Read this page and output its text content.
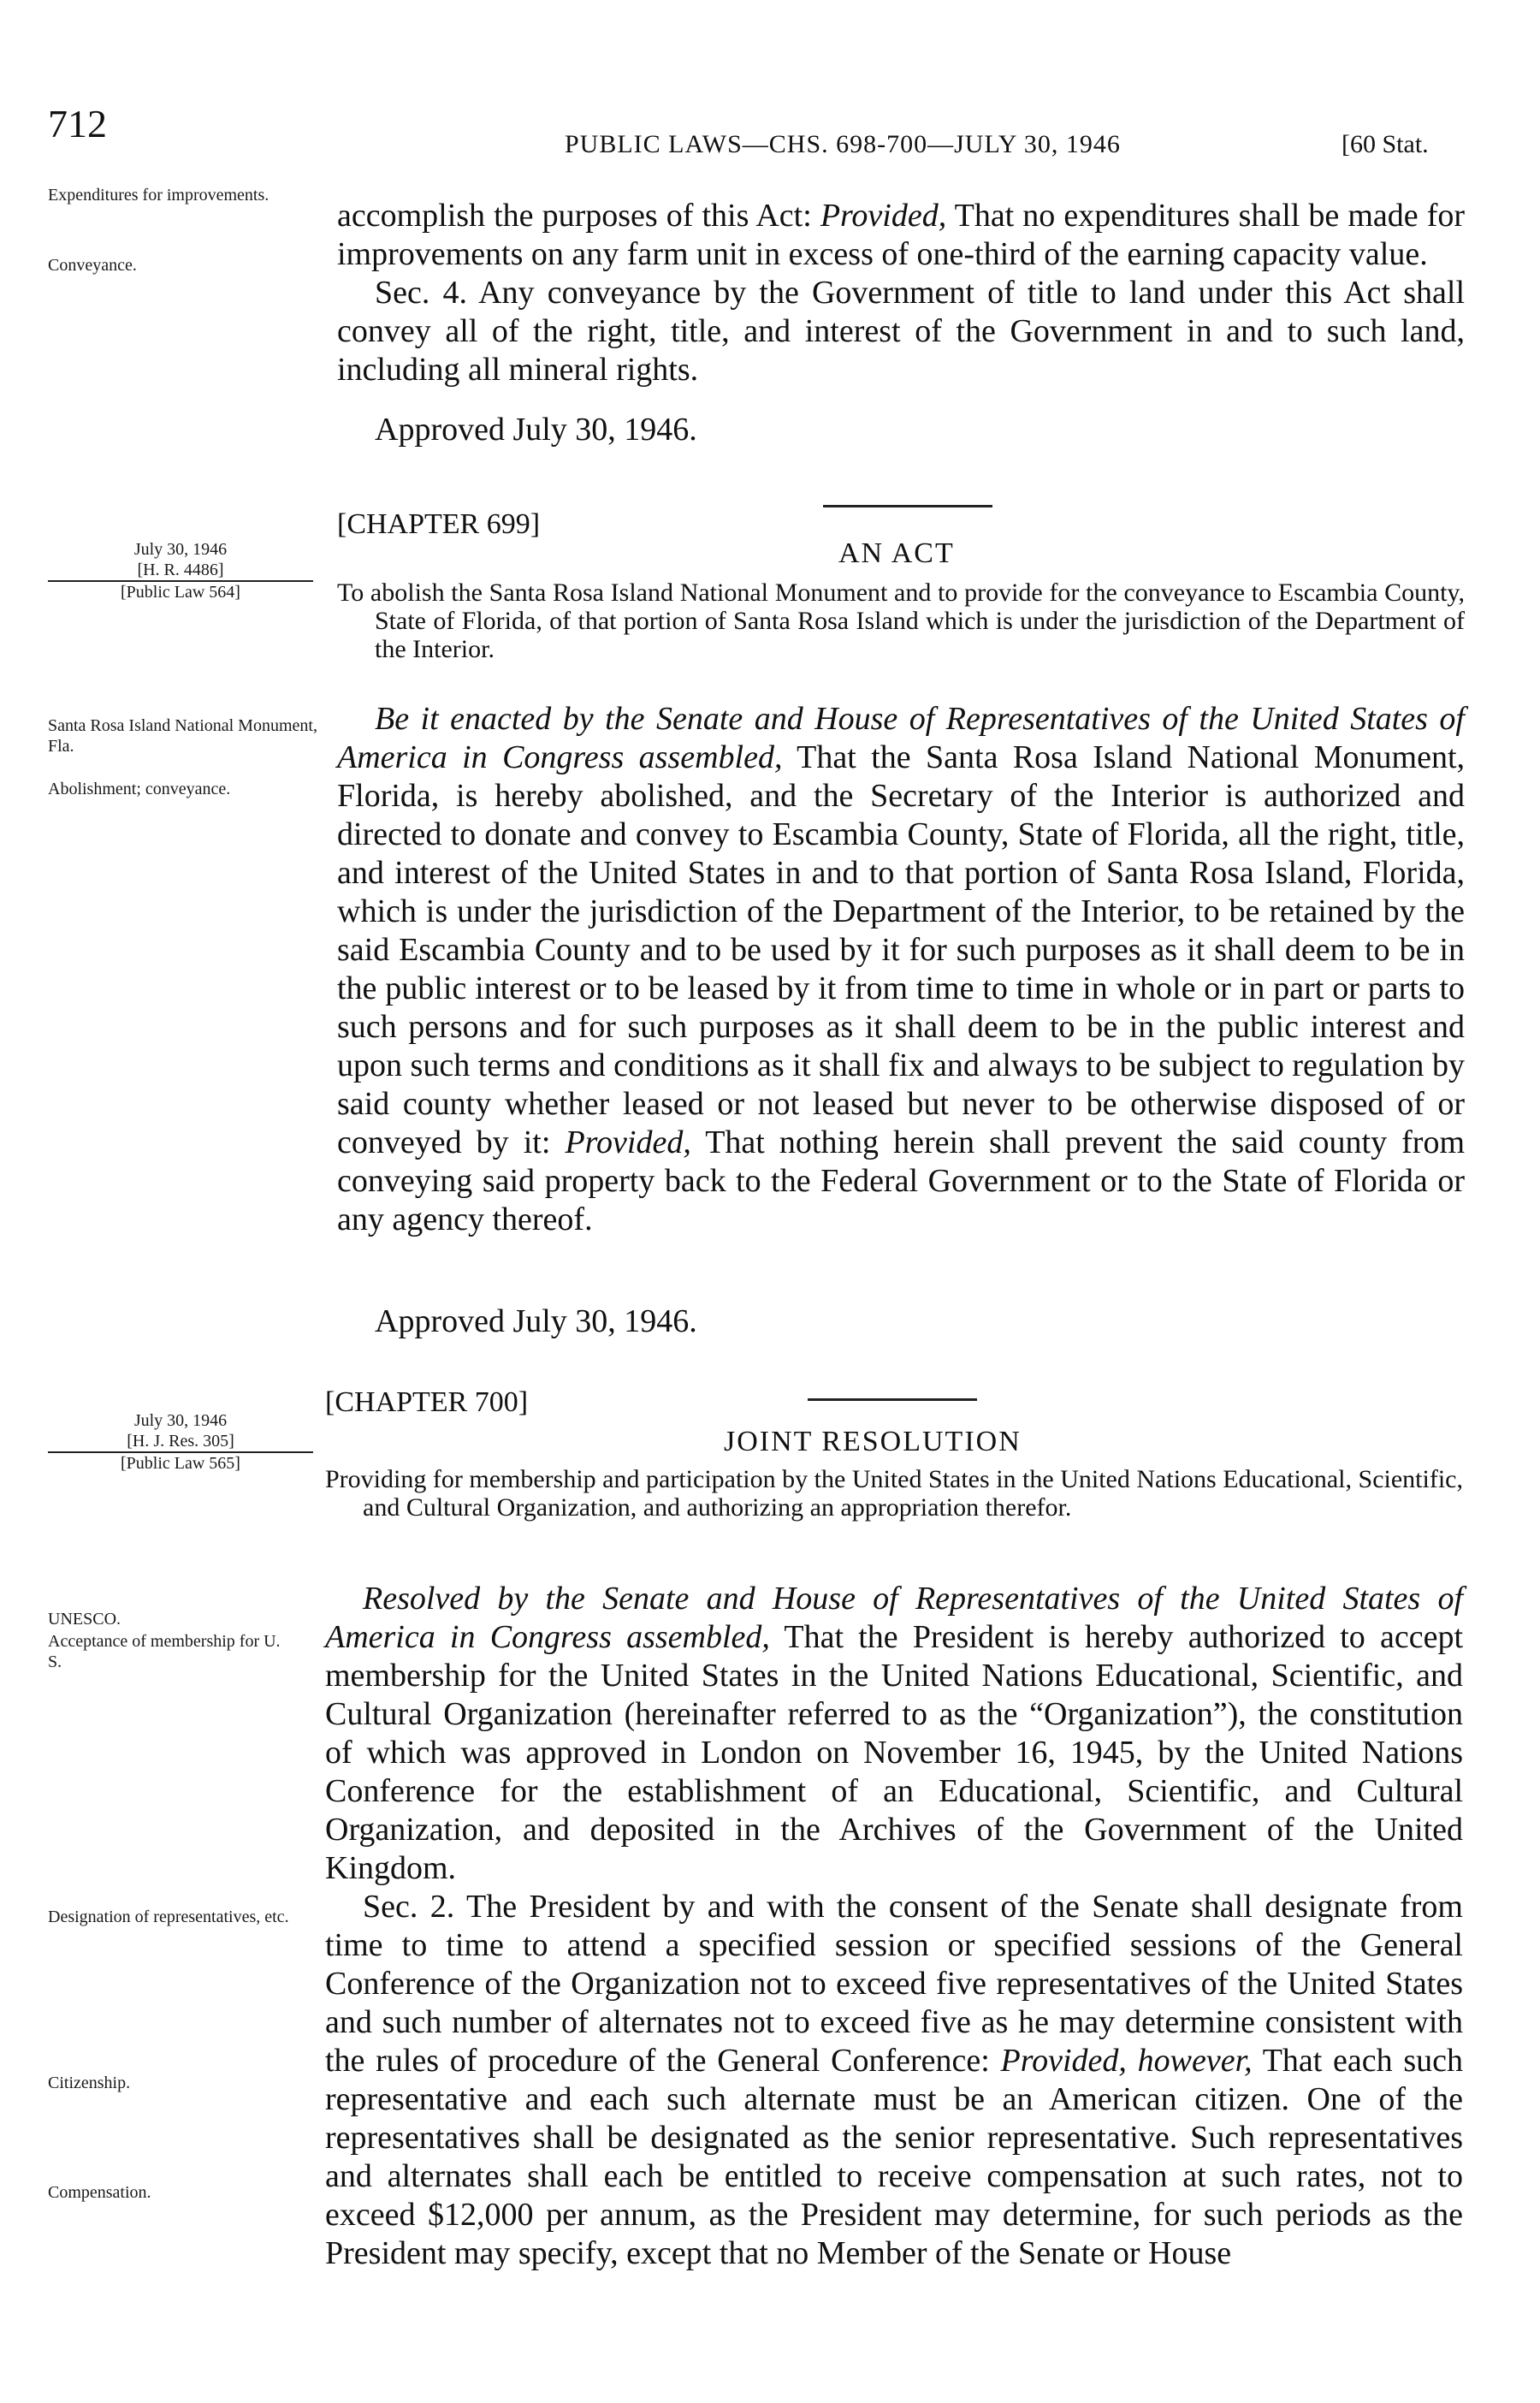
712	PUBLIC LAWS—CHS. 698-700—JULY 30, 1946	[60 Stat.
Expenditures for improvements.
Conveyance.
July 30, 1946
[H. R. 4486]
[Public Law 564]
Santa Rosa Island National Monument, Fla.
Abolishment; conveyance.
July 30, 1946
[H. J. Res. 305]
[Public Law 565]
UNESCO.
Acceptance of membership for U. S.
Designation of representatives, etc.
Citizenship.
Compensation.

accomplish the purposes of this Act: Provided, That no expenditures shall be made for improvements on any farm unit in excess of one-third of the earning capacity value.

Sec. 4. Any conveyance by the Government of title to land under this Act shall convey all of the right, title, and interest of the Government in and to such land, including all mineral rights.

Approved July 30, 1946.
[CHAPTER 699]
AN ACT
To abolish the Santa Rosa Island National Monument and to provide for the conveyance to Escambia County, State of Florida, of that portion of Santa Rosa Island which is under the jurisdiction of the Department of the Interior.

Be it enacted by the Senate and House of Representatives of the United States of America in Congress assembled, That the Santa Rosa Island National Monument, Florida, is hereby abolished, and the Secretary of the Interior is authorized and directed to donate and convey to Escambia County, State of Florida, all the right, title, and interest of the United States in and to that portion of Santa Rosa Island, Florida, which is under the jurisdiction of the Department of the Interior, to be retained by the said Escambia County and to be used by it for such purposes as it shall deem to be in the public interest or to be leased by it from time to time in whole or in part or parts to such persons and for such purposes as it shall deem to be in the public interest and upon such terms and conditions as it shall fix and always to be subject to regulation by said county whether leased or not leased but never to be otherwise disposed of or conveyed by it: Provided, That nothing herein shall prevent the said county from conveying said property back to the Federal Government or to the State of Florida or any agency thereof.

Approved July 30, 1946.
[CHAPTER 700]
JOINT RESOLUTION
Providing for membership and participation by the United States in the United Nations Educational, Scientific, and Cultural Organization, and authorizing an appropriation therefor.

Resolved by the Senate and House of Representatives of the United States of America in Congress assembled, That the President is hereby authorized to accept membership for the United States in the United Nations Educational, Scientific, and Cultural Organization (hereinafter referred to as the “Organization”), the constitution of which was approved in London on November 16, 1945, by the United Nations Conference for the establishment of an Educational, Scientific, and Cultural Organization, and deposited in the Archives of the Government of the United Kingdom.

Sec. 2. The President by and with the consent of the Senate shall designate from time to time to attend a specified session or specified sessions of the General Conference of the Organization not to exceed five representatives of the United States and such number of alternates not to exceed five as he may determine consistent with the rules of procedure of the General Conference: Provided, however, That each such representative and each such alternate must be an American citizen. One of the representatives shall be designated as the senior representative. Such representatives and alternates shall each be entitled to receive compensation at such rates, not to exceed $12,000 per annum, as the President may determine, for such periods as the President may specify, except that no Member of the Senate or House
